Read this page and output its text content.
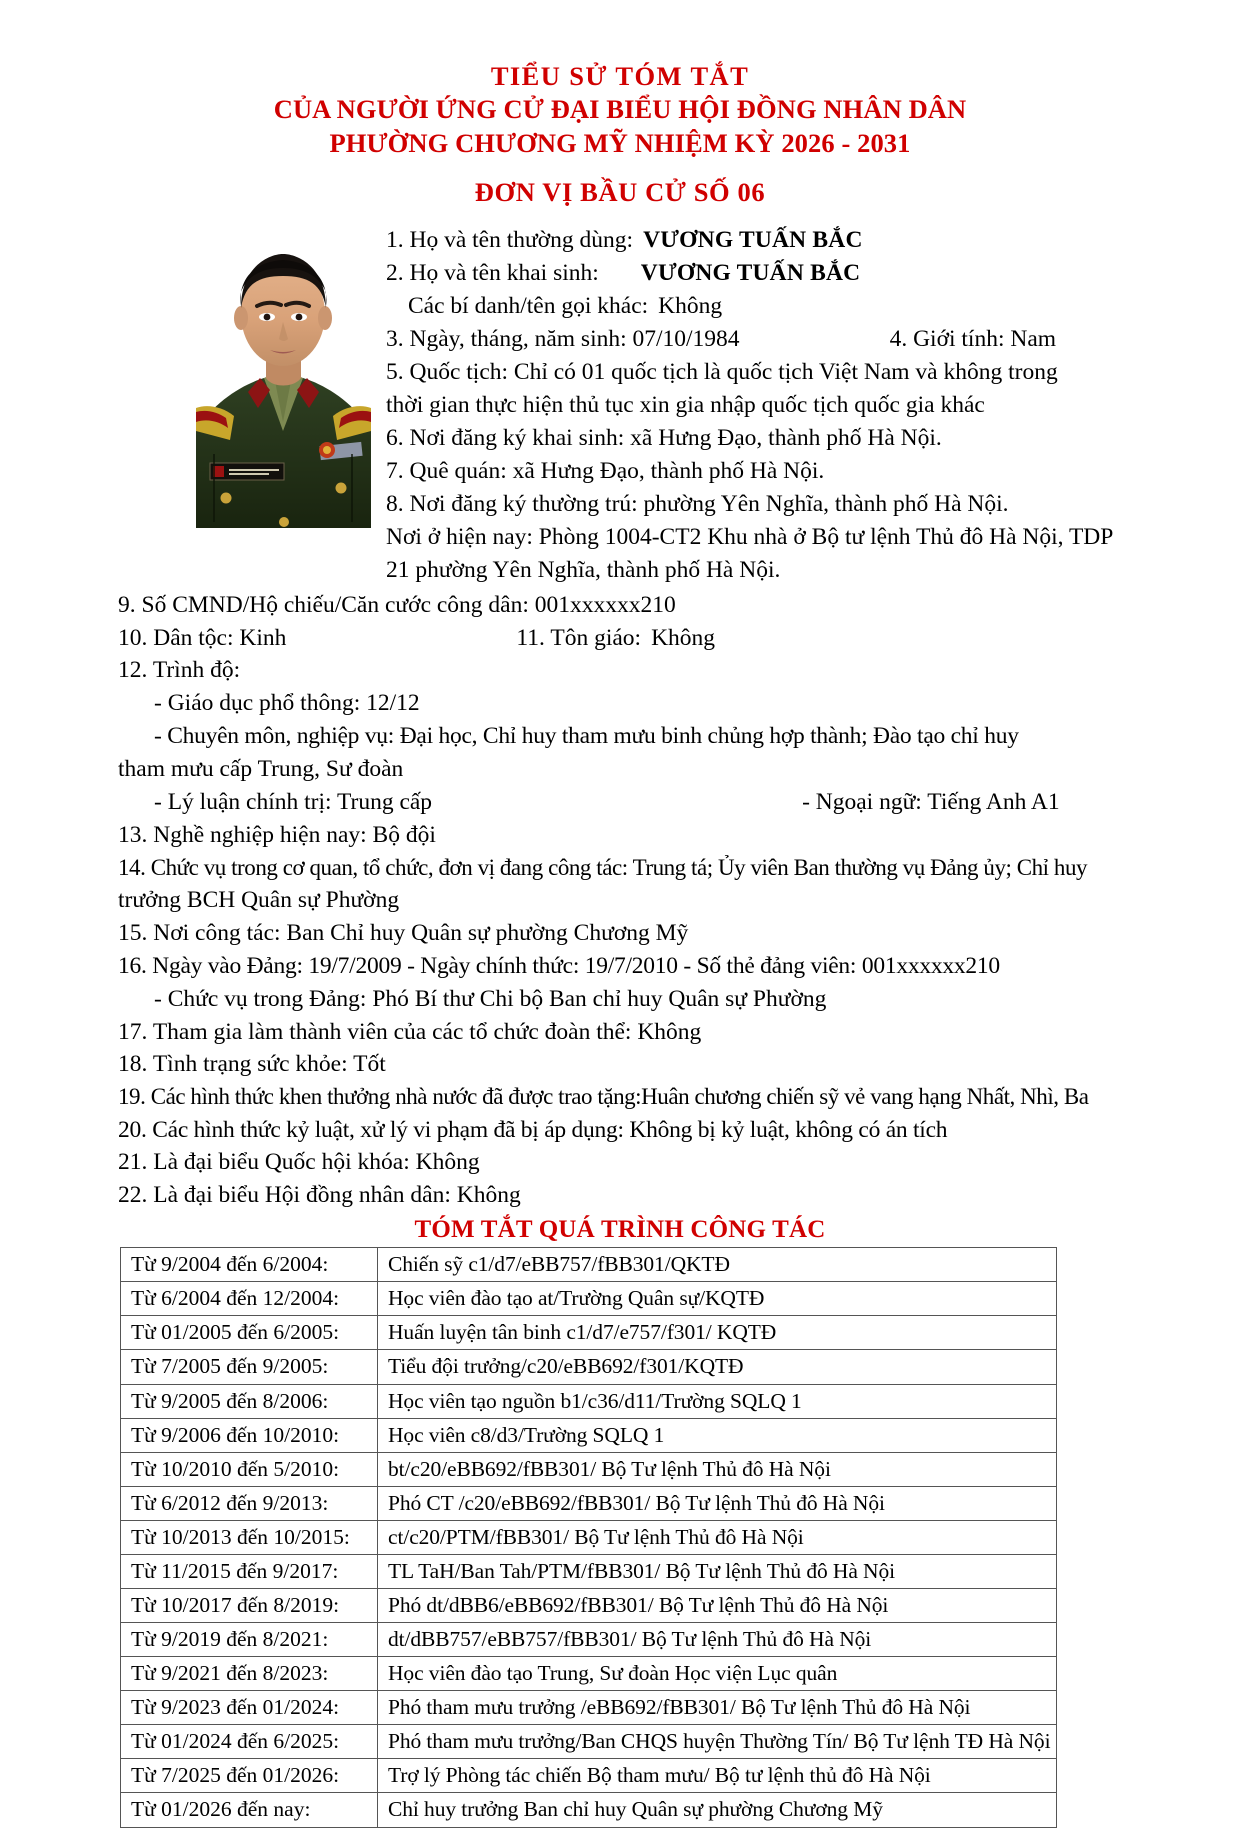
TIỂU SỬ TÓM TẮT
CỦA NGƯỜI ỨNG CỬ ĐẠI BIỂU HỘI ĐỒNG NHÂN DÂN
PHƯỜNG CHƯƠNG MỸ NHIỆM KỲ 2026 - 2031
ĐƠN VỊ BẦU CỬ SỐ 06
1. Họ và tên thường dùng: VƯƠNG TUẤN BẮC
2. Họ và tên khai sinh: VƯƠNG TUẤN BẮC
Các bí danh/tên gọi khác: Không
3. Ngày, tháng, năm sinh: 07/10/1984	4. Giới tính: Nam
5. Quốc tịch: Chỉ có 01 quốc tịch là quốc tịch Việt Nam và không trong
thời gian thực hiện thủ tục xin gia nhập quốc tịch quốc gia khác
6. Nơi đăng ký khai sinh: xã Hưng Đạo, thành phố Hà Nội.
7. Quê quán: xã Hưng Đạo, thành phố Hà Nội.
8. Nơi đăng ký thường trú: phường Yên Nghĩa, thành phố Hà Nội.
Nơi ở hiện nay: Phòng 1004-CT2 Khu nhà ở Bộ tư lệnh Thủ đô Hà Nội, TDP
21 phường Yên Nghĩa, thành phố Hà Nội.
9. Số CMND/Hộ chiếu/Căn cước công dân: 001xxxxxx210
10. Dân tộc: Kinh	11. Tôn giáo: Không
12. Trình độ:
- Giáo dục phổ thông: 12/12
- Chuyên môn, nghiệp vụ: Đại học, Chỉ huy tham mưu binh chủng hợp thành; Đào tạo chỉ huy
tham mưu cấp Trung, Sư đoàn
- Lý luận chính trị: Trung cấp	- Ngoại ngữ: Tiếng Anh A1
13. Nghề nghiệp hiện nay: Bộ đội
14. Chức vụ trong cơ quan, tổ chức, đơn vị đang công tác: Trung tá; Ủy viên Ban thường vụ Đảng ủy; Chỉ huy
trưởng BCH Quân sự Phường
15. Nơi công tác: Ban Chỉ huy Quân sự phường Chương Mỹ
16. Ngày vào Đảng: 19/7/2009 - Ngày chính thức: 19/7/2010 - Số thẻ đảng viên: 001xxxxxx210
- Chức vụ trong Đảng: Phó Bí thư Chi bộ Ban chỉ huy Quân sự Phường
17. Tham gia làm thành viên của các tổ chức đoàn thể: Không
18. Tình trạng sức khỏe: Tốt
19. Các hình thức khen thưởng nhà nước đã được trao tặng:Huân chương chiến sỹ vẻ vang hạng Nhất, Nhì, Ba
20. Các hình thức kỷ luật, xử lý vi phạm đã bị áp dụng: Không bị kỷ luật, không có án tích
21. Là đại biểu Quốc hội khóa: Không
22. Là đại biểu Hội đồng nhân dân: Không
TÓM TẮT QUÁ TRÌNH CÔNG TÁC
Từ 9/2004 đến 6/2004:	Chiến sỹ c1/d7/eBB757/fBB301/QKTĐ
Từ 6/2004 đến 12/2004:	Học viên đào tạo at/Trường Quân sự/KQTĐ
Từ 01/2005 đến 6/2005:	Huấn luyện tân binh c1/d7/e757/f301/ KQTĐ
Từ 7/2005 đến 9/2005:	Tiểu đội trưởng/c20/eBB692/f301/KQTĐ
Từ 9/2005 đến 8/2006:	Học viên tạo nguồn b1/c36/d11/Trường SQLQ 1
Từ 9/2006 đến 10/2010:	Học viên c8/d3/Trường SQLQ 1
Từ 10/2010 đến 5/2010:	bt/c20/eBB692/fBB301/ Bộ Tư lệnh Thủ đô Hà Nội
Từ 6/2012 đến 9/2013:	Phó CT /c20/eBB692/fBB301/ Bộ Tư lệnh Thủ đô Hà Nội
Từ 10/2013 đến 10/2015:	ct/c20/PTM/fBB301/ Bộ Tư lệnh Thủ đô Hà Nội
Từ 11/2015 đến 9/2017:	TL TaH/Ban Tah/PTM/fBB301/ Bộ Tư lệnh Thủ đô Hà Nội
Từ 10/2017 đến 8/2019:	Phó dt/dBB6/eBB692/fBB301/ Bộ Tư lệnh Thủ đô Hà Nội
Từ 9/2019 đến 8/2021:	dt/dBB757/eBB757/fBB301/ Bộ Tư lệnh Thủ đô Hà Nội
Từ 9/2021 đến 8/2023:	Học viên đào tạo Trung, Sư đoàn Học viện Lục quân
Từ 9/2023 đến 01/2024:	Phó tham mưu trưởng /eBB692/fBB301/ Bộ Tư lệnh Thủ đô Hà Nội
Từ 01/2024 đến 6/2025:	Phó tham mưu trưởng/Ban CHQS huyện Thường Tín/ Bộ Tư lệnh TĐ Hà Nội
Từ 7/2025 đến 01/2026:	Trợ lý Phòng tác chiến Bộ tham mưu/ Bộ tư lệnh thủ đô Hà Nội
Từ 01/2026 đến nay:	Chỉ huy trưởng Ban chỉ huy Quân sự phường Chương Mỹ
